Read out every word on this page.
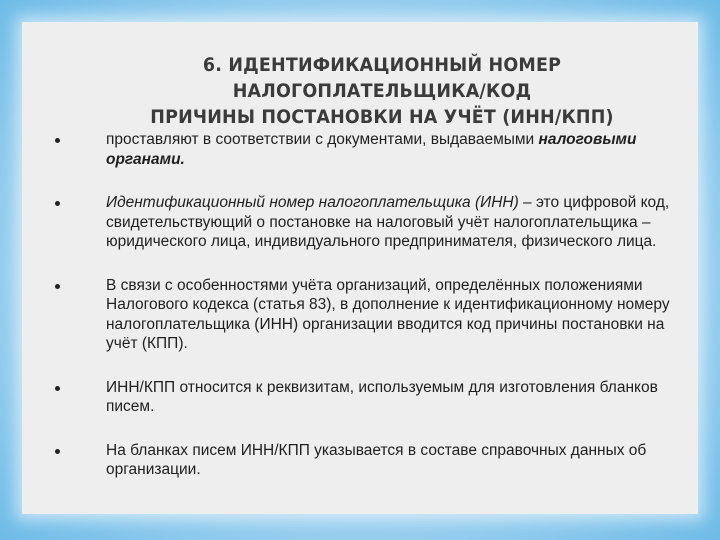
6. ИДЕНТИФИКАЦИОННЫЙ НОМЕР НАЛОГОПЛАТЕЛЬЩИКА/КОД
ПРИЧИНЫ ПОСТАНОВКИ НА УЧЁТ (ИНН/КПП)
проставляют в соответствии с документами, выдаваемыми налоговыми органами.
Идентификационный номер налогоплательщика (ИНН) – это цифровой код, свидетельствующий о постановке на налоговый учёт налогоплательщика – юридического лица, индивидуального предпринимателя, физического лица.
В связи с особенностями учёта организаций, определённых положениями Налогового кодекса (статья 83), в дополнение к идентификационному номеру налогоплательщика (ИНН) организации вводится код причины постановки на учёт (КПП).
ИНН/КПП относится к реквизитам, используемым для изготовления бланков писем.
На бланках писем ИНН/КПП указывается в составе справочных данных об организации.
